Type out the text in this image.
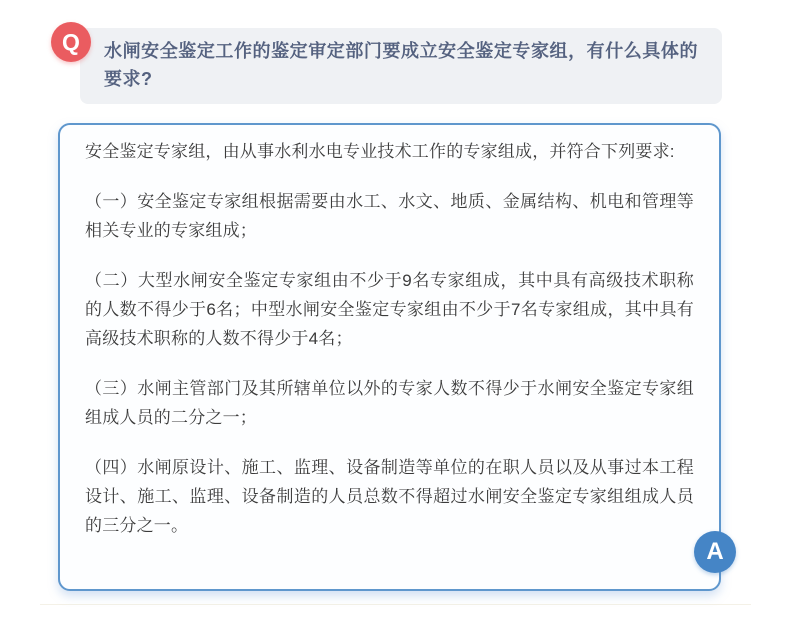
Q	水闸安全鉴定工作的鉴定审定部门要成立安全鉴定专家组，有什么具体的要求?

安全鉴定专家组，由从事水利水电专业技术工作的专家组成，并符合下列要求:

（一）安全鉴定专家组根据需要由水工、水文、地质、金属结构、机电和管理等相关专业的专家组成；

（二）大型水闸安全鉴定专家组由不少于9名专家组成，其中具有高级技术职称的人数不得少于6名；中型水闸安全鉴定专家组由不少于7名专家组成，其中具有高级技术职称的人数不得少于4名；

（三）水闸主管部门及其所辖单位以外的专家人数不得少于水闸安全鉴定专家组组成人员的二分之一；

（四）水闸原设计、施工、监理、设备制造等单位的在职人员以及从事过本工程设计、施工、监理、设备制造的人员总数不得超过水闸安全鉴定专家组组成人员的三分之一。

A
